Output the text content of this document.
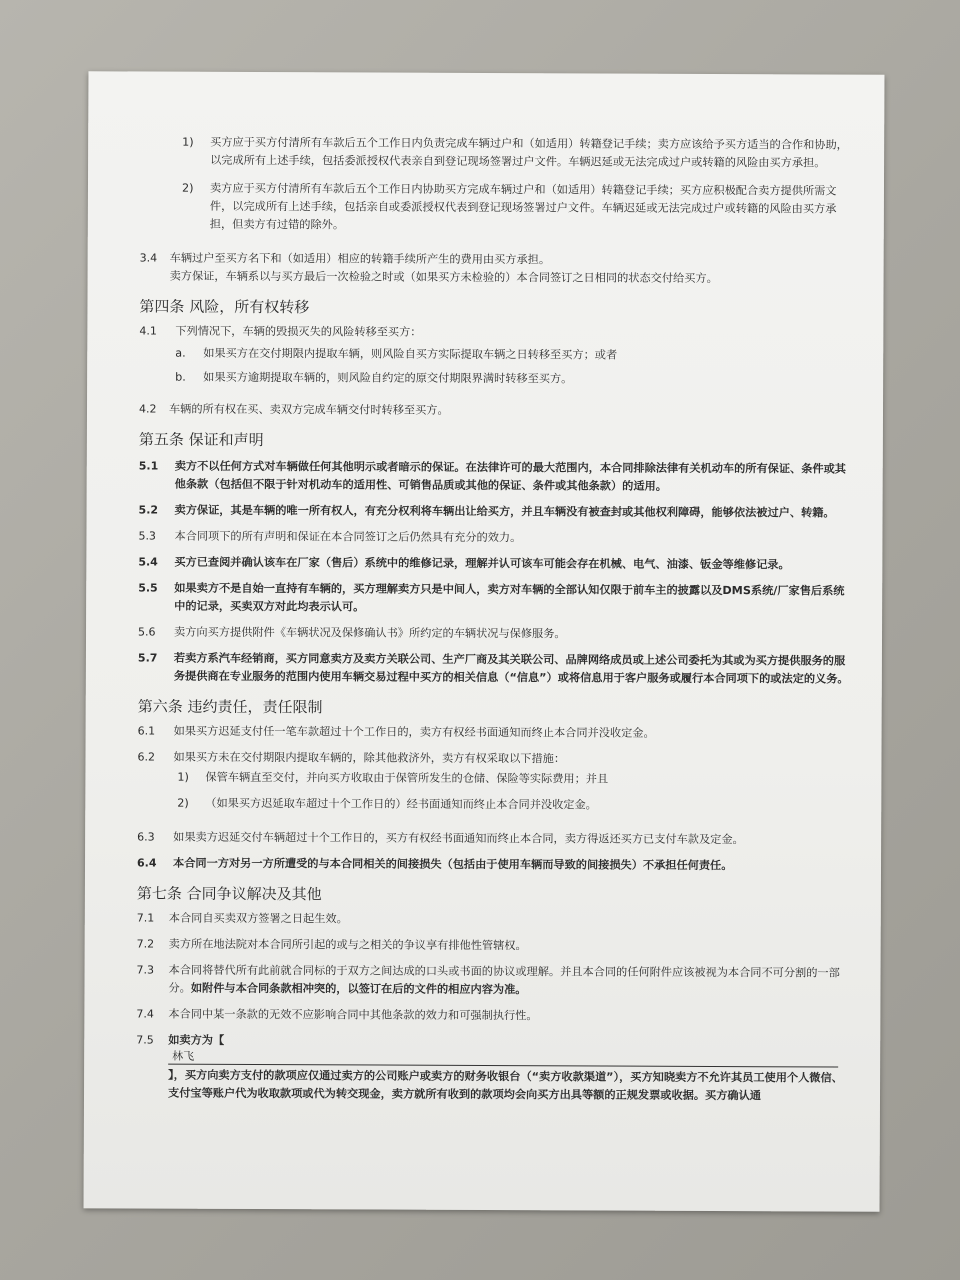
1) 买方应于买方付清所有车款后五个工作日内负责完成车辆过户和（如适用）转籍登记手续；卖方应该给予买方适当的合作和协助，以完成所有上述手续，包括委派授权代表亲自到登记现场签署过户文件。车辆迟延或无法完成过户或转籍的风险由买方承担。
2) 卖方应于买方付清所有车款后五个工作日内协助买方完成车辆过户和（如适用）转籍登记手续；买方应积极配合卖方提供所需文件，以完成所有上述手续，包括亲自或委派授权代表到登记现场签署过户文件。车辆迟延或无法完成过户或转籍的风险由买方承担，但卖方有过错的除外。
3.4 车辆过户至买方名下和（如适用）相应的转籍手续所产生的费用由买方承担。
卖方保证，车辆系以与买方最后一次检验之时或（如果买方未检验的）本合同签订之日相同的状态交付给买方。
第四条 风险，所有权转移
4.1 下列情况下，车辆的毁损灭失的风险转移至买方：
a. 如果买方在交付期限内提取车辆，则风险自买方实际提取车辆之日转移至买方；或者
b. 如果买方逾期提取车辆的，则风险自约定的原交付期限界满时转移至买方。
4.2 车辆的所有权在买、卖双方完成车辆交付时转移至买方。
第五条 保证和声明
5.1 卖方不以任何方式对车辆做任何其他明示或者暗示的保证。在法律许可的最大范围内，本合同排除法律有关机动车的所有保证、条件或其他条款（包括但不限于针对机动车的适用性、可销售品质或其他的保证、条件或其他条款）的适用。
5.2 卖方保证，其是车辆的唯一所有权人，有充分权利将车辆出让给买方，并且车辆没有被查封或其他权利障碍，能够依法被过户、转籍。
5.3 本合同项下的所有声明和保证在本合同签订之后仍然具有充分的效力。
5.4 买方已查阅并确认该车在厂家（售后）系统中的维修记录，理解并认可该车可能会存在机械、电气、油漆、钣金等维修记录。
5.5 如果卖方不是自始一直持有车辆的，买方理解卖方只是中间人，卖方对车辆的全部认知仅限于前车主的披露以及DMS系统/厂家售后系统中的记录，买卖双方对此均表示认可。
5.6 卖方向买方提供附件《车辆状况及保修确认书》所约定的车辆状况与保修服务。
5.7 若卖方系汽车经销商，买方同意卖方及卖方关联公司、生产厂商及其关联公司、品牌网络成员或上述公司委托为其或为买方提供服务的服务提供商在专业服务的范围内使用车辆交易过程中买方的相关信息（“信息”）或将信息用于客户服务或履行本合同项下的或法定的义务。
第六条 违约责任，责任限制
6.1 如果买方迟延支付任一笔车款超过十个工作日的，卖方有权经书面通知而终止本合同并没收定金。
6.2 如果买方未在交付期限内提取车辆的，除其他救济外，卖方有权采取以下措施：
1) 保管车辆直至交付，并向买方收取由于保管所发生的仓储、保险等实际费用；并且
2) （如果买方迟延取车超过十个工作日的）经书面通知而终止本合同并没收定金。
6.3 如果卖方迟延交付车辆超过十个工作日的，买方有权经书面通知而终止本合同，卖方得返还买方已支付车款及定金。
6.4 本合同一方对另一方所遭受的与本合同相关的间接损失（包括由于使用车辆而导致的间接损失）不承担任何责任。
第七条 合同争议解决及其他
7.1 本合同自买卖双方签署之日起生效。
7.2 卖方所在地法院对本合同所引起的或与之相关的争议享有排他性管辖权。
7.3 本合同将替代所有此前就合同标的于双方之间达成的口头或书面的协议或理解。并且本合同的任何附件应该被视为本合同不可分割的一部分。如附件与本合同条款相冲突的，以签订在后的文件的相应内容为准。
7.4 本合同中某一条款的无效不应影响合同中其他条款的效力和可强制执行性。
7.5 如卖方为【
林飞
】，买方向卖方支付的款项应仅通过卖方的公司账户或卖方的财务收银台（“卖方收款渠道”），买方知晓卖方不允许其员工使用个人微信、支付宝等账户代为收取款项或代为转交现金，卖方就所有收到的款项均会向买方出具等额的正规发票或收据。买方确认通
